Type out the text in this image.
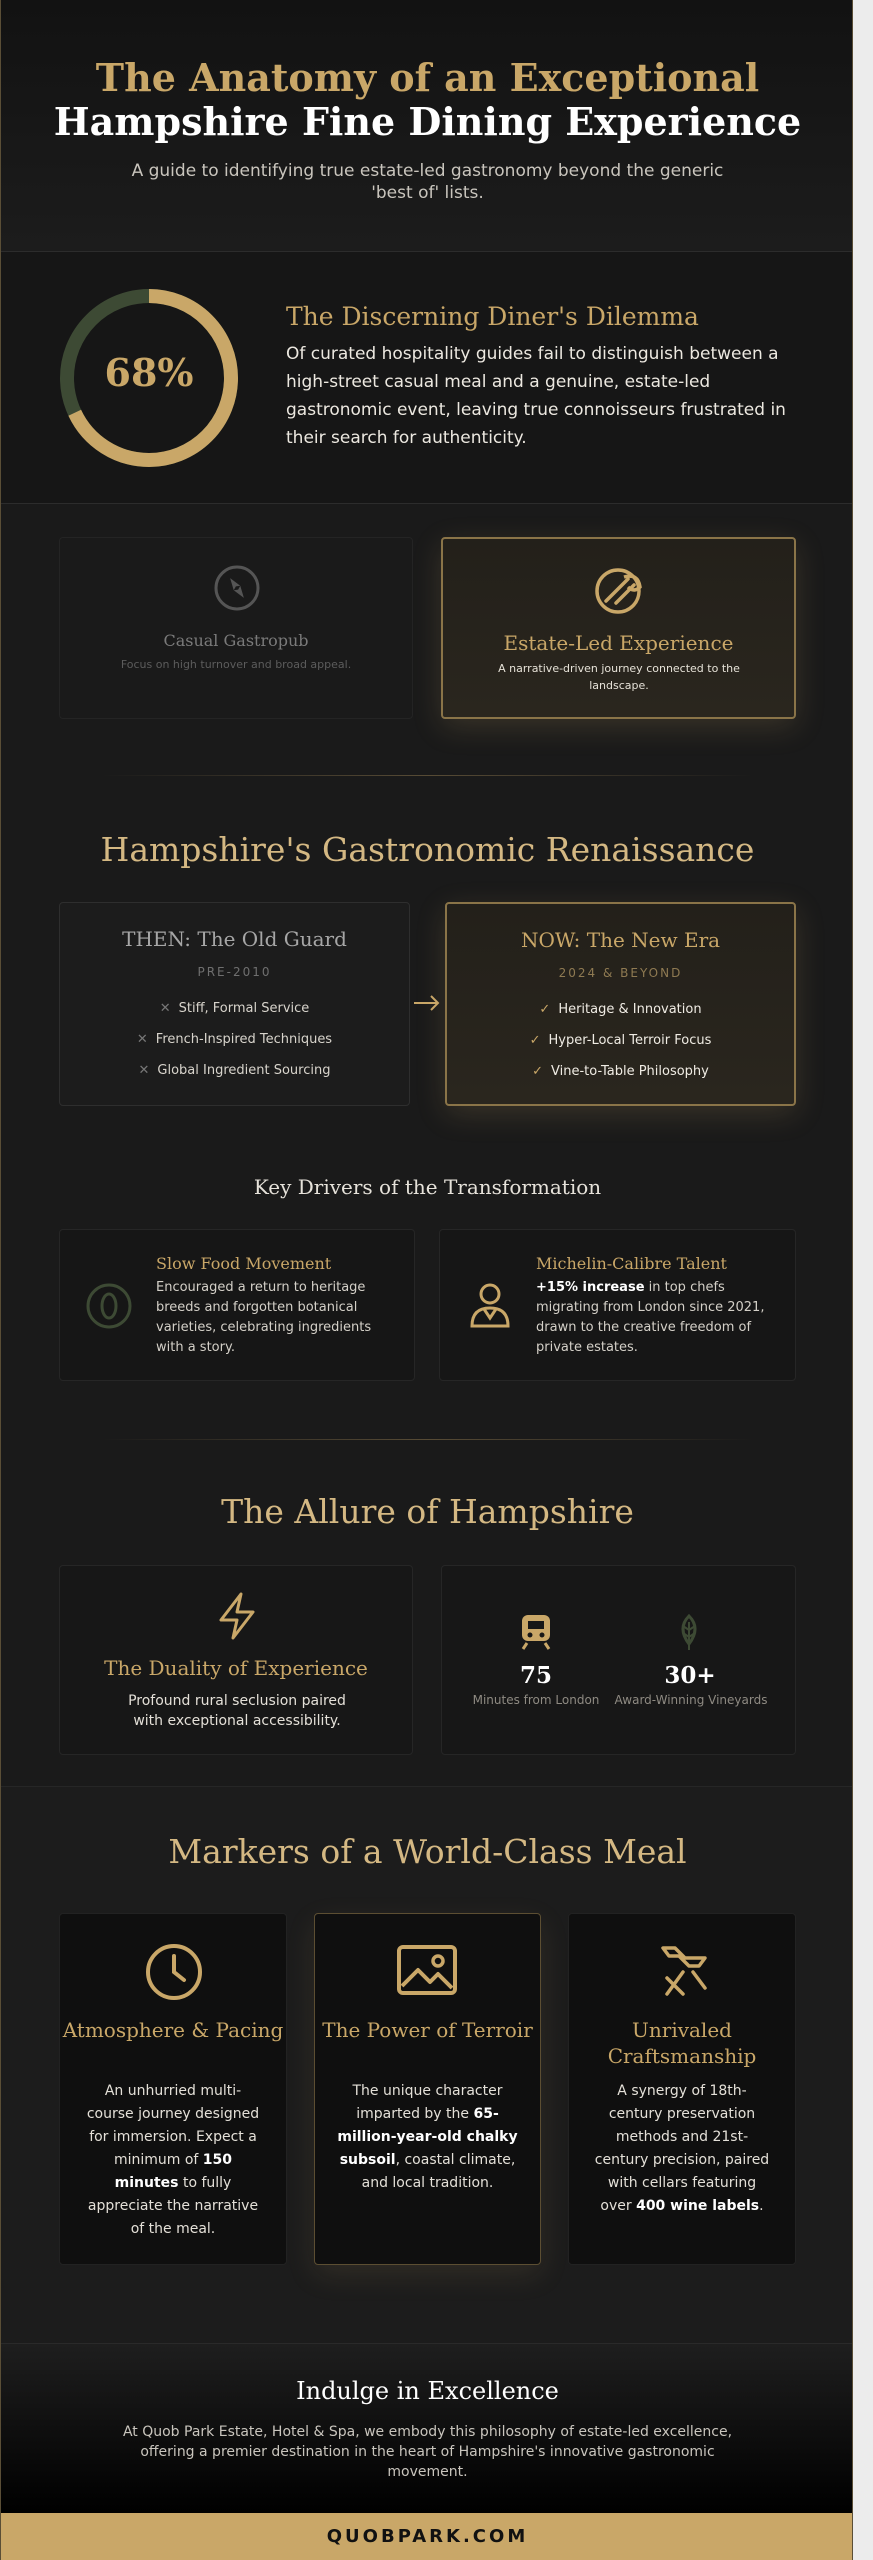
The Anatomy of an Exceptional
Hampshire Fine Dining Experience
A guide to identifying true estate-led gastronomy beyond the generic 'best of' lists.
68%
The Discerning Diner's Dilemma

Of curated hospitality guides fail to distinguish between a high-street casual meal and a genuine, estate-led gastronomic event, leaving true connoisseurs frustrated in their search for authenticity.

Casual Gastropub
Focus on high turnover and broad appeal.
Estate-Led Experience
A narrative-driven journey connected to the landscape.
Hampshire's Gastronomic Renaissance
THEN: The Old Guard
PRE-2010
✕ Stiff, Formal Service
✕ French-Inspired Techniques
✕ Global Ingredient Sourcing
NOW: The New Era
2024 & BEYOND
✓ Heritage & Innovation
✓ Hyper-Local Terroir Focus
✓ Vine-to-Table Philosophy
Key Drivers of the Transformation
Slow Food Movement

Encouraged a return to heritage breeds and forgotten botanical varieties, celebrating ingredients with a story.

Michelin-Calibre Talent

+15% increase in top chefs migrating from London since 2021, drawn to the creative freedom of private estates.

The Allure of Hampshire
The Duality of Experience
Profound rural seclusion paired with exceptional accessibility.
75
Minutes from London
30+
Award-Winning Vineyards
Markers of a World-Class Meal
Atmosphere & Pacing

An unhurried multi-course journey designed for immersion. Expect a minimum of 150 minutes to fully appreciate the narrative of the meal.

The Power of Terroir

The unique character imparted by the 65-million-year-old chalky subsoil, coastal climate, and local tradition.

Unrivaled Craftsmanship

A synergy of 18th-century preservation methods and 21st-century precision, paired with cellars featuring over 400 wine labels.

Indulge in Excellence
At Quob Park Estate, Hotel & Spa, we embody this philosophy of estate-led excellence, offering a premier destination in the heart of Hampshire's innovative gastronomic movement.
QUOBPARK.COM
